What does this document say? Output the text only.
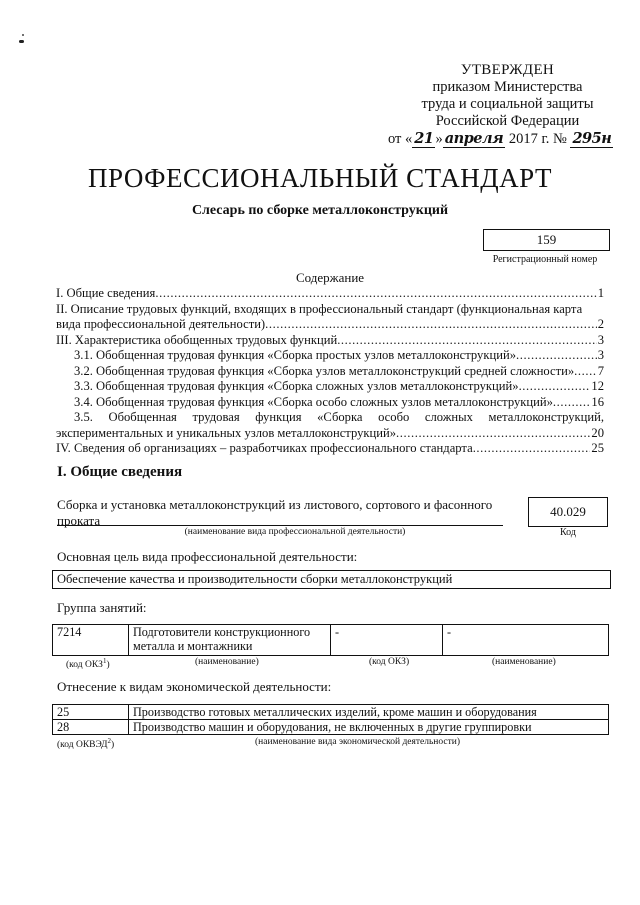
УТВЕРЖДЕН
приказом Министерства
труда и социальной защиты
Российской Федерации
от « 21 » апреля 2017 г. № 295н
ПРОФЕССИОНАЛЬНЫЙ СТАНДАРТ
Слесарь по сборке металлоконструкций
159
Регистрационный номер
Содержание
I. Общие сведения .....	1
II. Описание трудовых функций, входящих в профессиональный стандарт (функциональная карта
вида профессиональной деятельности) .....	2
III. Характеристика обобщенных трудовых функций .....	3
3.1. Обобщенная трудовая функция «Сборка простых узлов металлоконструкций» .....	3
3.2. Обобщенная трудовая функция «Сборка узлов металлоконструкций средней сложности» ..... 7
3.3. Обобщенная трудовая функция «Сборка сложных узлов металлоконструкций» .....	12
3.4. Обобщенная трудовая функция «Сборка особо сложных узлов металлоконструкций» .....	16
3.5. Обобщенная трудовая функция «Сборка особо сложных металлоконструкций,
экспериментальных и уникальных узлов металлоконструкций» .....	20
IV. Сведения об организациях – разработчиках профессионального стандарта .....	25
I. Общие сведения
Сборка и установка металлоконструкций из листового, сортового и фасонного проката
(наименование вида профессиональной деятельности)
40.029
Код
Основная цель вида профессиональной деятельности:
Обеспечение качества и производительности сборки металлоконструкций
Группа занятий:
7214	Подготовители конструкционного металла и монтажники	-	-
(код ОКЗ$^1$)	(наименование)	(код ОКЗ)	(наименование)
Отнесение к видам экономической деятельности:
25	Производство готовых металлических изделий, кроме машин и оборудования
28	Производство машин и оборудования, не включенных в другие группировки
(код ОКВЭД$^2$)	(наименование вида экономической деятельности)
